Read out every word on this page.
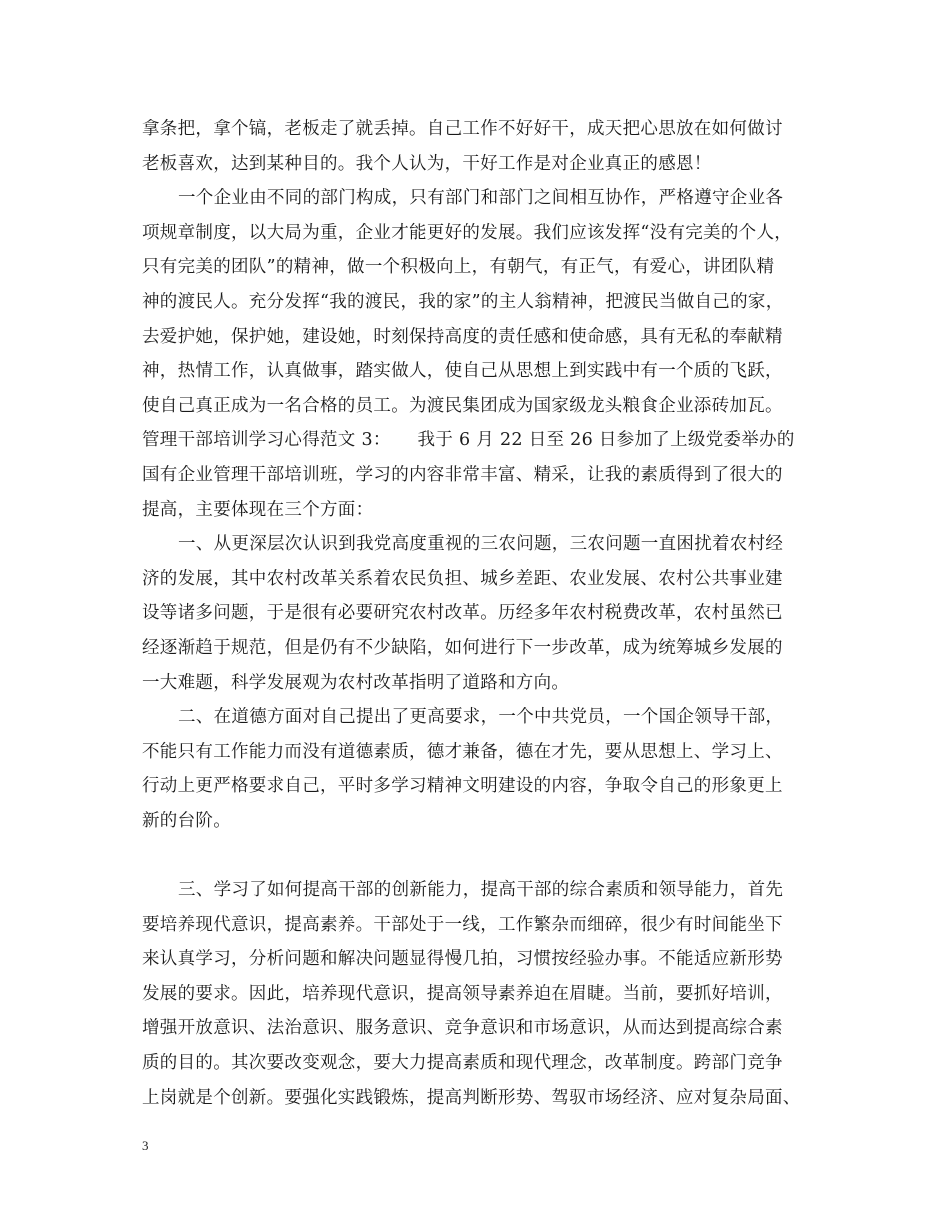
拿条把，拿个镐，老板走了就丢掉。自己工作不好好干，成天把心思放在如何做讨
老板喜欢，达到某种目的。我个人认为，干好工作是对企业真正的感恩！
一个企业由不同的部门构成，只有部门和部门之间相互协作，严格遵守企业各
项规章制度，以大局为重，企业才能更好的发展。我们应该发挥“没有完美的个人，
只有完美的团队”的精神，做一个积极向上，有朝气，有正气，有爱心，讲团队精
神的渡民人。充分发挥“我的渡民，我的家”的主人翁精神，把渡民当做自己的家，
去爱护她，保护她，建设她，时刻保持高度的责任感和使命感，具有无私的奉献精
神，热情工作，认真做事，踏实做人，使自己从思想上到实践中有一个质的飞跃，
使自己真正成为一名合格的员工。为渡民集团成为国家级龙头粮食企业添砖加瓦。
管理干部培训学习心得范文 3：　　我于 6 月 22 日至 26 日参加了上级党委举办的
国有企业管理干部培训班，学习的内容非常丰富、精采，让我的素质得到了很大的
提高，主要体现在三个方面：
一、从更深层次认识到我党高度重视的三农问题，三农问题一直困扰着农村经
济的发展，其中农村改革关系着农民负担、城乡差距、农业发展、农村公共事业建
设等诸多问题，于是很有必要研究农村改革。历经多年农村税费改革，农村虽然已
经逐渐趋于规范，但是仍有不少缺陷，如何进行下一步改革，成为统筹城乡发展的
一大难题，科学发展观为农村改革指明了道路和方向。
二、在道德方面对自己提出了更高要求，一个中共党员，一个国企领导干部，
不能只有工作能力而没有道德素质，德才兼备，德在才先，要从思想上、学习上、
行动上更严格要求自己，平时多学习精神文明建设的内容，争取令自己的形象更上
新的台阶。
三、学习了如何提高干部的创新能力，提高干部的综合素质和领导能力，首先
要培养现代意识，提高素养。干部处于一线，工作繁杂而细碎，很少有时间能坐下
来认真学习，分析问题和解决问题显得慢几拍，习惯按经验办事。不能适应新形势
发展的要求。因此，培养现代意识，提高领导素养迫在眉睫。当前，要抓好培训，
增强开放意识、法治意识、服务意识、竞争意识和市场意识，从而达到提高综合素
质的目的。其次要改变观念，要大力提高素质和现代理念，改革制度。跨部门竞争
上岗就是个创新。要强化实践锻炼，提高判断形势、驾驭市场经济、应对复杂局面、
3
